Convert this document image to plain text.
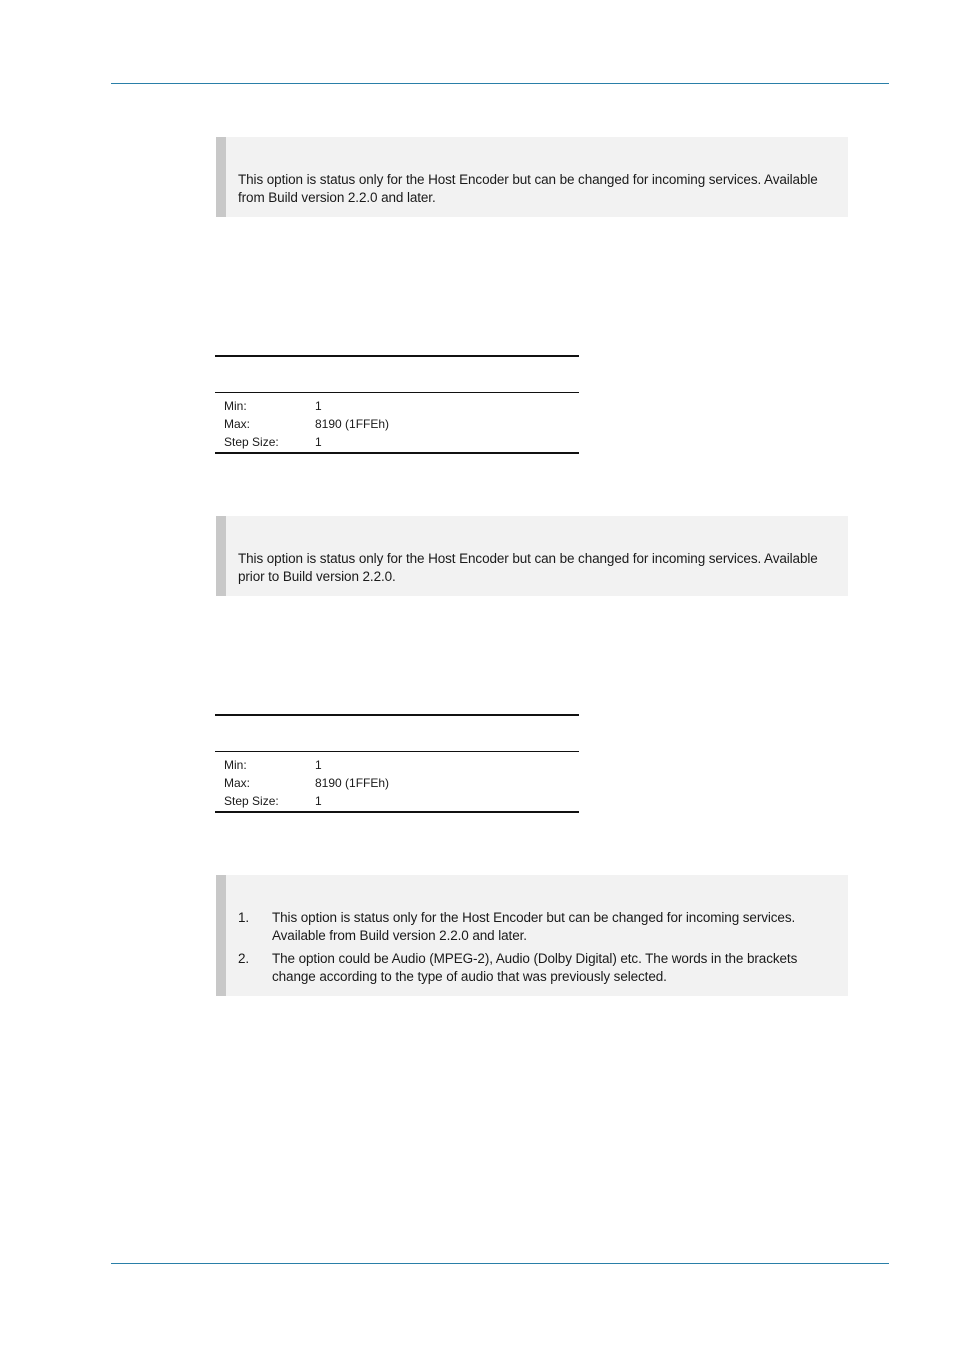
This option is status only for the Host Encoder but can be changed for incoming services. Available
from Build version 2.2.0 and later.

Min:	1
Max:	8190 (1FFEh)
Step Size:	1
This option is status only for the Host Encoder but can be changed for incoming services. Available
prior to Build version 2.2.0.

Min:	1
Max:	8190 (1FFEh)
Step Size:	1
1.	This option is status only for the Host Encoder but can be changed for incoming services.
Available from Build version 2.2.0 and later.
2.	The option could be Audio (MPEG-2), Audio (Dolby Digital) etc. The words in the brackets
change according to the type of audio that was previously selected.
